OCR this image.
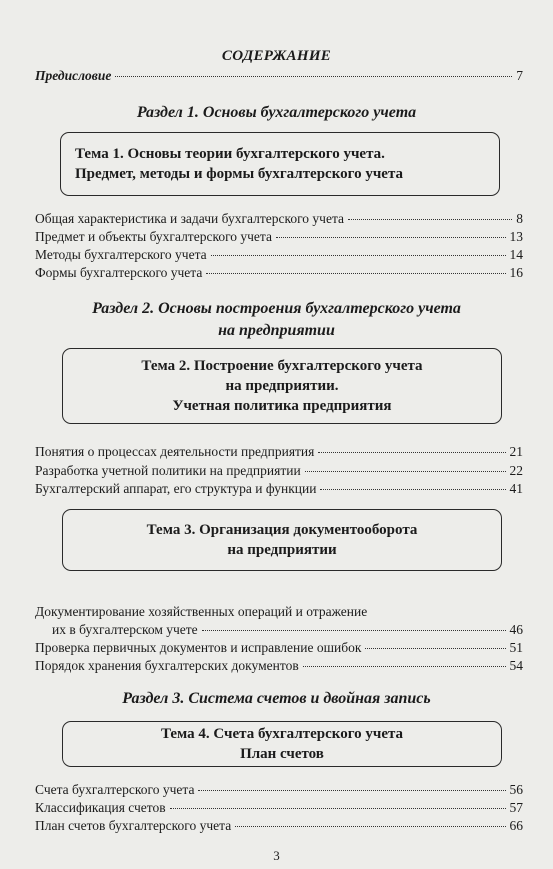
СОДЕРЖАНИЕ
Предисловие	7
Раздел 1. Основы бухгалтерского учета
Тема 1. Основы теории бухгалтерского учета.
Предмет, методы и формы бухгалтерского учета
Общая характеристика и задачи бухгалтерского учета	8
Предмет и объекты бухгалтерского учета	13
Методы бухгалтерского учета	14
Формы бухгалтерского учета	16
Раздел 2. Основы построения бухгалтерского учета
на предприятии
Тема 2. Построение бухгалтерского учета
на предприятии.
Учетная политика предприятия
Понятия о процессах деятельности предприятия	21
Разработка учетной политики на предприятии	22
Бухгалтерский аппарат, его структура и функции	41
Тема 3. Организация документооборота
на предприятии
Документирование хозяйственных операций и отражение
их в бухгалтерском учете	46
Проверка первичных документов и исправление ошибок	51
Порядок хранения бухгалтерских документов	54
Раздел 3. Система счетов и двойная запись
Тема 4. Счета бухгалтерского учета
План счетов
Счета бухгалтерского учета	56
Классификация счетов	57
План счетов бухгалтерского учета	66
3
